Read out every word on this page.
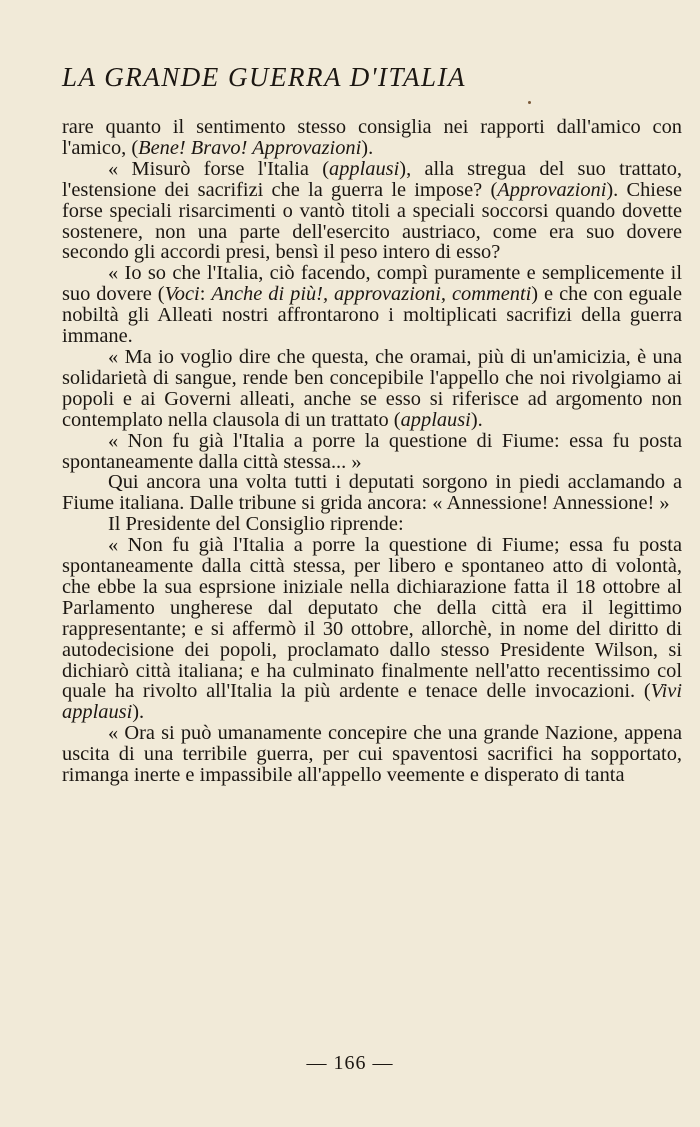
LA GRANDE GUERRA D'ITALIA

rare quanto il sentimento stesso consiglia nei rapporti dall'amico con l'amico, (Bene! Bravo! Approvazioni).

« Misurò forse l'Italia (applausi), alla stregua del suo trattato, l'estensione dei sacrifizi che la guerra le impose? (Approvazioni). Chiese forse speciali risarcimenti o vantò titoli a speciali soccorsi quando dovette sostenere, non una parte dell'esercito austriaco, come era suo dovere secondo gli accordi presi, bensì il peso intero di esso?

« Io so che l'Italia, ciò facendo, compì puramente e semplicemente il suo dovere (Voci: Anche di più!, approvazioni, commenti) e che con eguale nobiltà gli Alleati nostri affrontarono i moltiplicati sacrifizi della guerra immane.

« Ma io voglio dire che questa, che oramai, più di un'amicizia, è una solidarietà di sangue, rende ben concepibile l'appello che noi rivolgiamo ai popoli e ai Governi alleati, anche se esso si riferisce ad argomento non contemplato nella clausola di un trattato (applausi).

« Non fu già l'Italia a porre la questione di Fiume: essa fu posta spontaneamente dalla città stessa... »

Qui ancora una volta tutti i deputati sorgono in piedi acclamando a Fiume italiana. Dalle tribune si grida ancora: « Annessione! Annessione! »

Il Presidente del Consiglio riprende:

« Non fu già l'Italia a porre la questione di Fiume; essa fu posta spontaneamente dalla città stessa, per libero e spontaneo atto di volontà, che ebbe la sua esprsione iniziale nella dichiarazione fatta il 18 ottobre al Parlamento ungherese dal deputato che della città era il legittimo rappresentante; e si affermò il 30 ottobre, allorchè, in nome del diritto di autodecisione dei popoli, proclamato dallo stesso Presidente Wilson, si dichiarò città italiana; e ha culminato finalmente nell'atto recentissimo col quale ha rivolto all'Italia la più ardente e tenace delle invocazioni. (Vivi applausi).

« Ora si può umanamente concepire che una grande Nazione, appena uscita di una terribile guerra, per cui spaventosi sacrifici ha sopportato, rimanga inerte e impassibile all'appello veemente e disperato di tanta

— 166 —
